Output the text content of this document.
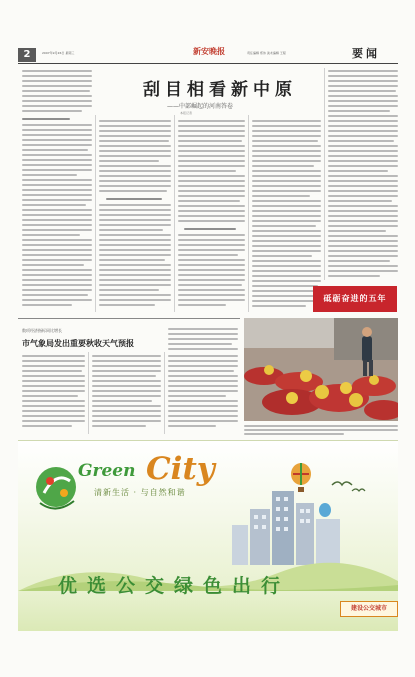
2	2007年9月26日 星期三	新安晚报	责任编辑 郑伟 美术编辑 王程	要闻
刮目相看新中原
——中部崛起的河南答卷
本报记者
砥砺奋进的五年
数项经济指标同比增长
市气象局发出重要秋收天气预报
Green City
清新生活 · 与自然和谐
优选公交绿色出行
建设公交城市
